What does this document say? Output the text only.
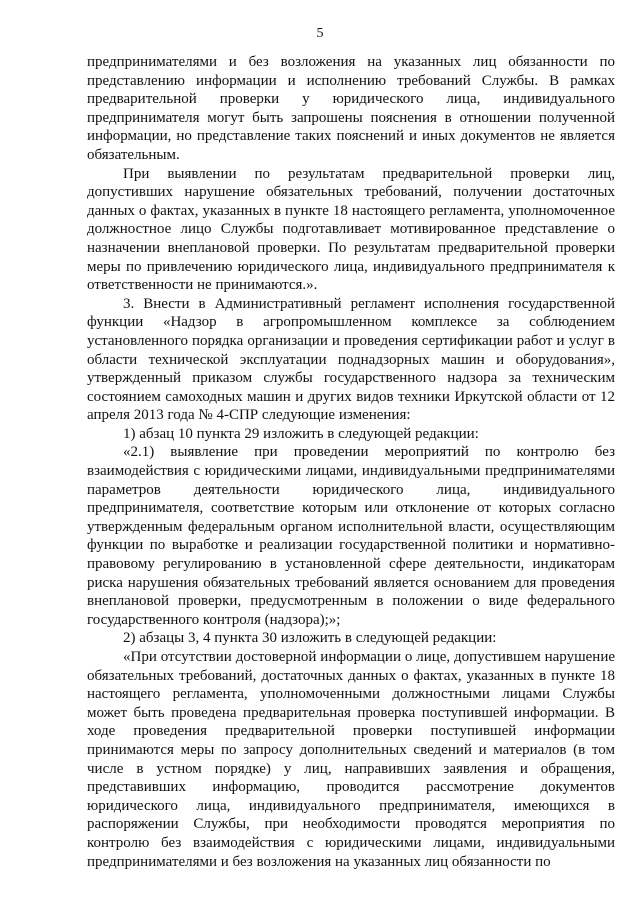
5

предпринимателями и без возложения на указанных лиц обязанности по представлению информации и исполнению требований Службы. В рамках предварительной проверки у юридического лица, индивидуального предпринимателя могут быть запрошены пояснения в отношении полученной информации, но представление таких пояснений и иных документов не является обязательным.

При выявлении по результатам предварительной проверки лиц, допустивших нарушение обязательных требований, получении достаточных данных о фактах, указанных в пункте 18 настоящего регламента, уполномоченное должностное лицо Службы подготавливает мотивированное представление о назначении внеплановой проверки. По результатам предварительной проверки меры по привлечению юридического лица, индивидуального предпринимателя к ответственности не принимаются.».

3. Внести в Административный регламент исполнения государственной функции «Надзор в агропромышленном комплексе за соблюдением установленного порядка организации и проведения сертификации работ и услуг в области технической эксплуатации поднадзорных машин и оборудования», утвержденный приказом службы государственного надзора за техническим состоянием самоходных машин и других видов техники Иркутской области от 12 апреля 2013 года № 4-СПР следующие изменения:

1) абзац 10 пункта 29 изложить в следующей редакции:

«2.1) выявление при проведении мероприятий по контролю без взаимодействия с юридическими лицами, индивидуальными предпринимателями параметров деятельности юридического лица, индивидуального предпринимателя, соответствие которым или отклонение от которых согласно утвержденным федеральным органом исполнительной власти, осуществляющим функции по выработке и реализации государственной политики и нормативно-правовому регулированию в установленной сфере деятельности, индикаторам риска нарушения обязательных требований является основанием для проведения внеплановой проверки, предусмотренным в положении о виде федерального государственного контроля (надзора);»;

2) абзацы 3, 4 пункта 30 изложить в следующей редакции:

«При отсутствии достоверной информации о лице, допустившем нарушение обязательных требований, достаточных данных о фактах, указанных в пункте 18 настоящего регламента, уполномоченными должностными лицами Службы может быть проведена предварительная проверка поступившей информации. В ходе проведения предварительной проверки поступившей информации принимаются меры по запросу дополнительных сведений и материалов (в том числе в устном порядке) у лиц, направивших заявления и обращения, представивших информацию, проводится рассмотрение документов юридического лица, индивидуального предпринимателя, имеющихся в распоряжении Службы, при необходимости проводятся мероприятия по контролю без взаимодействия с юридическими лицами, индивидуальными предпринимателями и без возложения на указанных лиц обязанности по
